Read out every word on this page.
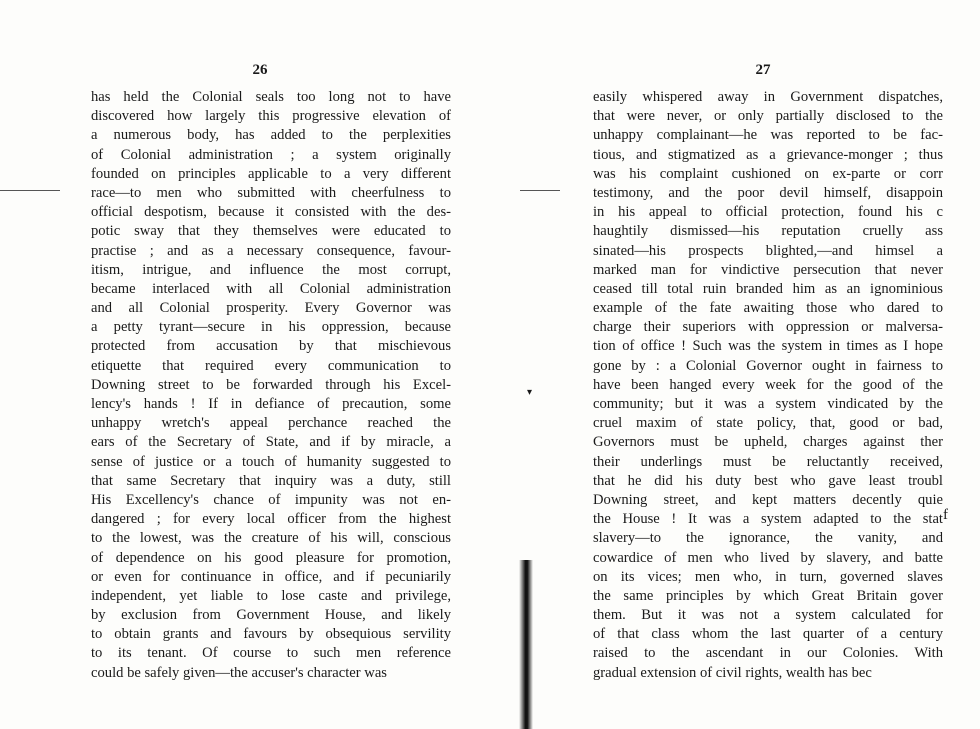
26
has held the Colonial seals too long not to have
discovered how largely this progressive elevation of
a numerous body, has added to the perplexities
of Colonial administration ; a system originally
founded on principles applicable to a very different
race—to men who submitted with cheerfulness to
official despotism, because it consisted with the des-
potic sway that they themselves were educated to
practise ; and as a necessary consequence, favour-
itism, intrigue, and influence the most corrupt,
became interlaced with all Colonial administration
and all Colonial prosperity. Every Governor was
a petty tyrant—secure in his oppression, because
protected from accusation by that mischievous
etiquette that required every communication to
Downing street to be forwarded through his Excel-
lency's hands ! If in defiance of precaution, some
unhappy wretch's appeal perchance reached the
ears of the Secretary of State, and if by miracle, a
sense of justice or a touch of humanity suggested to
that same Secretary that inquiry was a duty, still
His Excellency's chance of impunity was not en-
dangered ; for every local officer from the highest
to the lowest, was the creature of his will, conscious
of dependence on his good pleasure for promotion,
or even for continuance in office, and if pecuniarily
independent, yet liable to lose caste and privilege,
by exclusion from Government House, and likely
to obtain grants and favours by obsequious servility
to its tenant. Of course to such men reference
could be safely given—the accuser's character was
▾
27
easily whispered away in Government dispatches,
that were never, or only partially disclosed to the
unhappy complainant—he was reported to be fac-
tious, and stigmatized as a grievance-monger ; thus
was his complaint cushioned on ex-parte or corr
testimony, and the poor devil himself, disappoin
in his appeal to official protection, found his c
haughtily dismissed—his reputation cruelly ass
sinated—his prospects blighted,—and himsel a
marked man for vindictive persecution that never
ceased till total ruin branded him as an ignominious
example of the fate awaiting those who dared to
charge their superiors with oppression or malversa-
tion of office ! Such was the system in times as I hope
gone by : a Colonial Governor ought in fairness to
have been hanged every week for the good of the
community; but it was a system vindicated by the
cruel maxim of state policy, that, good or bad,
Governors must be upheld, charges against ther
their underlings must be reluctantly received,
that he did his duty best who gave least troubl
Downing street, and kept matters decently quie
the House ! It was a system adapted to the stat
slavery—to the ignorance, the vanity, and
cowardice of men who lived by slavery, and batte
on its vices; men who, in turn, governed slaves
the same principles by which Great Britain gover
them. But it was not a system calculated for
of that class whom the last quarter of a century
raised to the ascendant in our Colonies. With
gradual extension of civil rights, wealth has bec
f
